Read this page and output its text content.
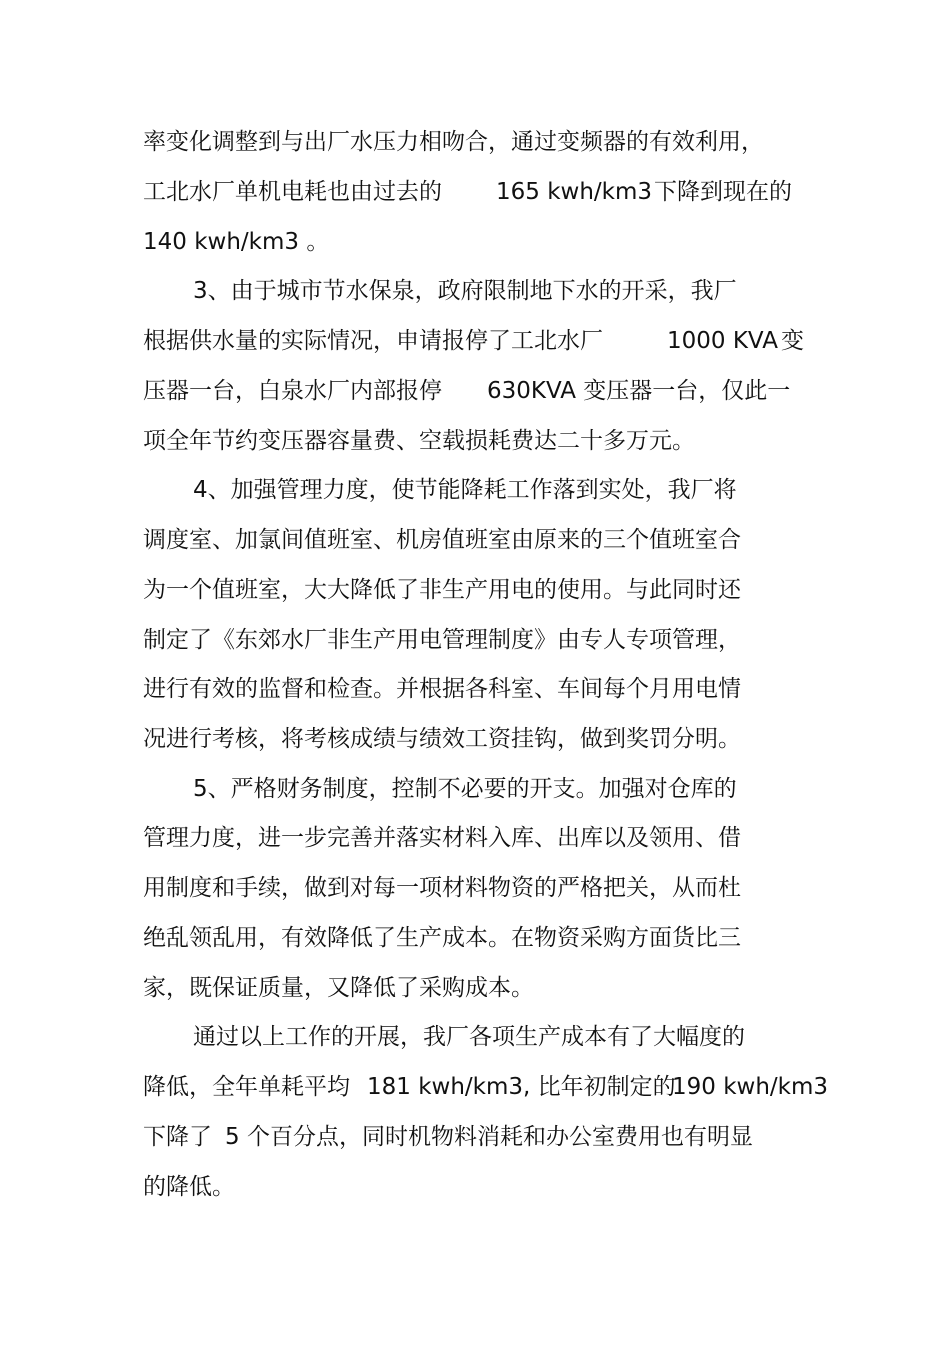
率变化调整到与出厂水压力相吻合，通过变频器的有效利用，

工北水厂单机电耗也由过去的

165 kwh/km3

下降到现在的

140 kwh/km3 。

3、由于城市节水保泉，政府限制地下水的开采，我厂

根据供水量的实际情况，申请报停了工北水厂

	1000 KVA

变

压器一台，白泉水厂内部报停

630KVA 变压器一台，仅此一

项全年节约变压器容量费、空载损耗费达二十多万元。

4、加强管理力度，使节能降耗工作落到实处，我厂将

调度室、加氯间值班室、机房值班室由原来的三个值班室合

为一个值班室，大大降低了非生产用电的使用。与此同时还

制定了《东郊水厂非生产用电管理制度》由专人专项管理，

进行有效的监督和检查。并根据各科室、车间每个月用电情

况进行考核，将考核成绩与绩效工资挂钩，做到奖罚分明。

5、严格财务制度，控制不必要的开支。加强对仓库的

管理力度，进一步完善并落实材料入库、出库以及领用、借

用制度和手续，做到对每一项材料物资的严格把关，从而杜

绝乱领乱用，有效降低了生产成本。在物资采购方面货比三

家，既保证质量，又降低了采购成本。

通过以上工作的开展，我厂各项生产成本有了大幅度的

降低，全年单耗平均

181 kwh/km3, 比年初制定的

190 kwh/km3

下降了

5 个百分点，同时机物料消耗和办公室费用也有明显

的降低。
